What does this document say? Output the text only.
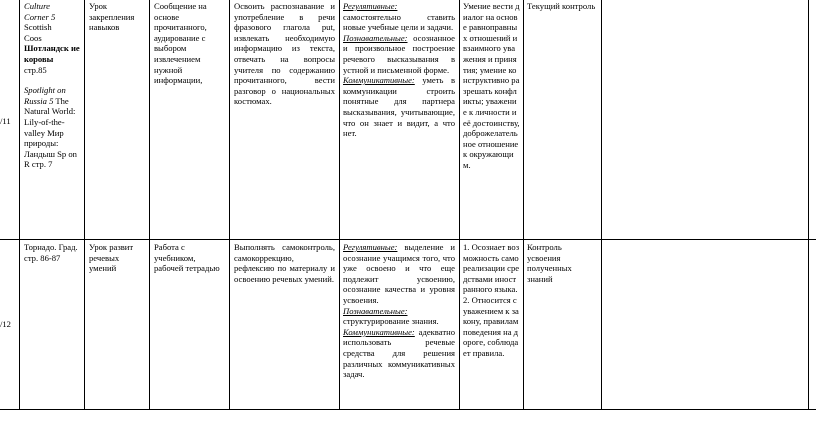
/11

Culture

Corner 5

Scottish

Coos

Шотландск ие коровы

стр.85

Spotlight on Russia 5 The Natural World: Lily-of-the-valley Мир природы: Ландыш Sp on R стр. 7

Урок закрепления навыков
Сообщение на основе прочитанного, аудирование с выбором извлечением нужной информации,
Освоить распознавание и употребление в речи фразового глагола put, извлекать необходимую информацию из текста, отвечать на вопросы учителя по содержанию прочитанного, вести разговор о национальных костюмах.

Регулятивные: самостоятельно ставить новые учебные цели и задачи.

Познавательные: осознанное и произвольное построение речевого высказывания в устной и письменной форме.

Коммуникативные: уметь в коммуникации строить понятные для партнера высказывания, учитывающие, что он знает и видит, а что нет.

Умение вести диалог на основе равноправных отношений и взаимного уважения и принятия; умение конструктивно разрешать конфликты; уважение к личности и её достоинству, доброжелательное отношение к окружающим.
Текущий контроль
/12

Торнадо. Град.

стр. 86-87

Урок развит речевых умений
Работа с учебником, рабочей тетрадью
Выполнять самоконтроль, самокоррекцию, рефлексию по материалу и освоению речевых умений.

Регулятивные: выделение и осознание учащимся того, что уже освоено и что еще подлежит усвоению, осознание качества и уровня усвоения.

Познавательные: структурирование знания.

Коммуникативные: адекватно использовать речевые средства для решения различных коммуникативных задач.

1. Осознает возможность самореализации средствами иностранного языка. 2. Относится с уважением к закону, правилам поведения на дороге, соблюдает правила.
Контроль усвоения полученных знаний
